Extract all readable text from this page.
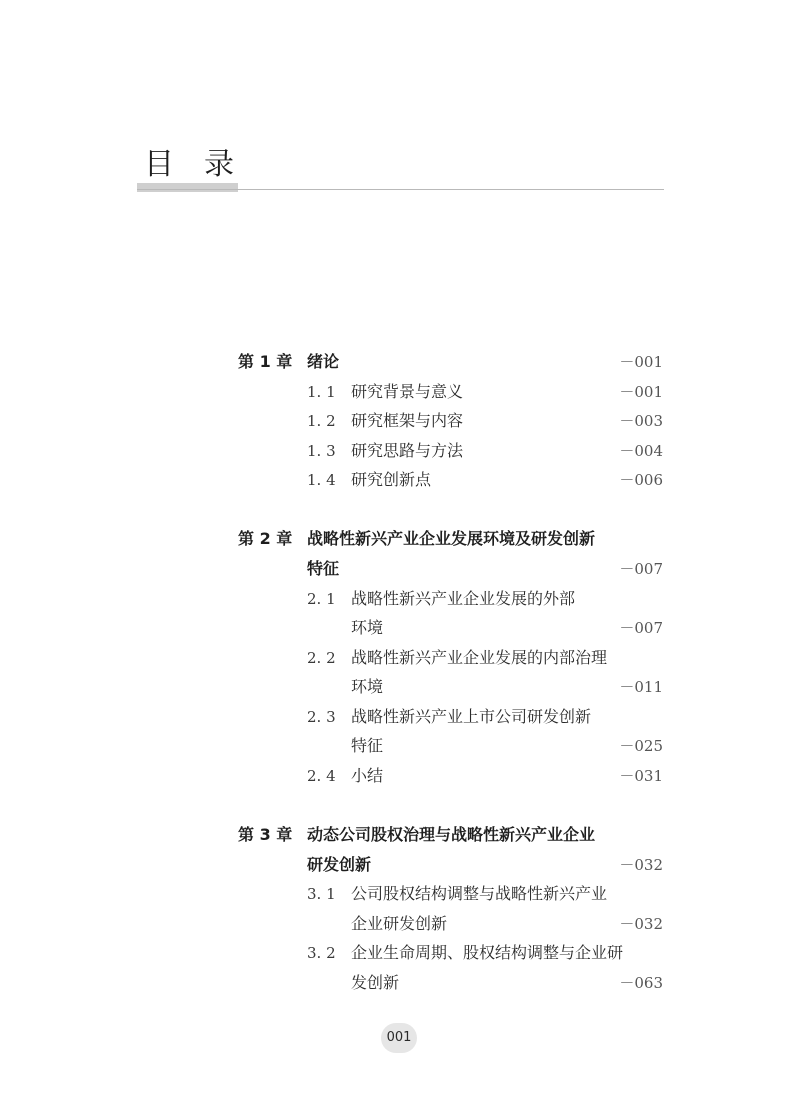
目录
第 1 章 绪论	－001
1. 1 研究背景与意义	－001
1. 2 研究框架与内容	－003
1. 3 研究思路与方法	－004
1. 4 研究创新点	－006
第 2 章 战略性新兴产业企业发展环境及研发创新
特征	－007
2. 1 战略性新兴产业企业发展的外部
环境	－007
2. 2 战略性新兴产业企业发展的内部治理
环境	－011
2. 3 战略性新兴产业上市公司研发创新
特征	－025
2. 4 小结	－031
第 3 章 动态公司股权治理与战略性新兴产业企业
研发创新	－032
3. 1 公司股权结构调整与战略性新兴产业
企业研发创新	－032
3. 2 企业生命周期、股权结构调整与企业研
发创新	－063
001
